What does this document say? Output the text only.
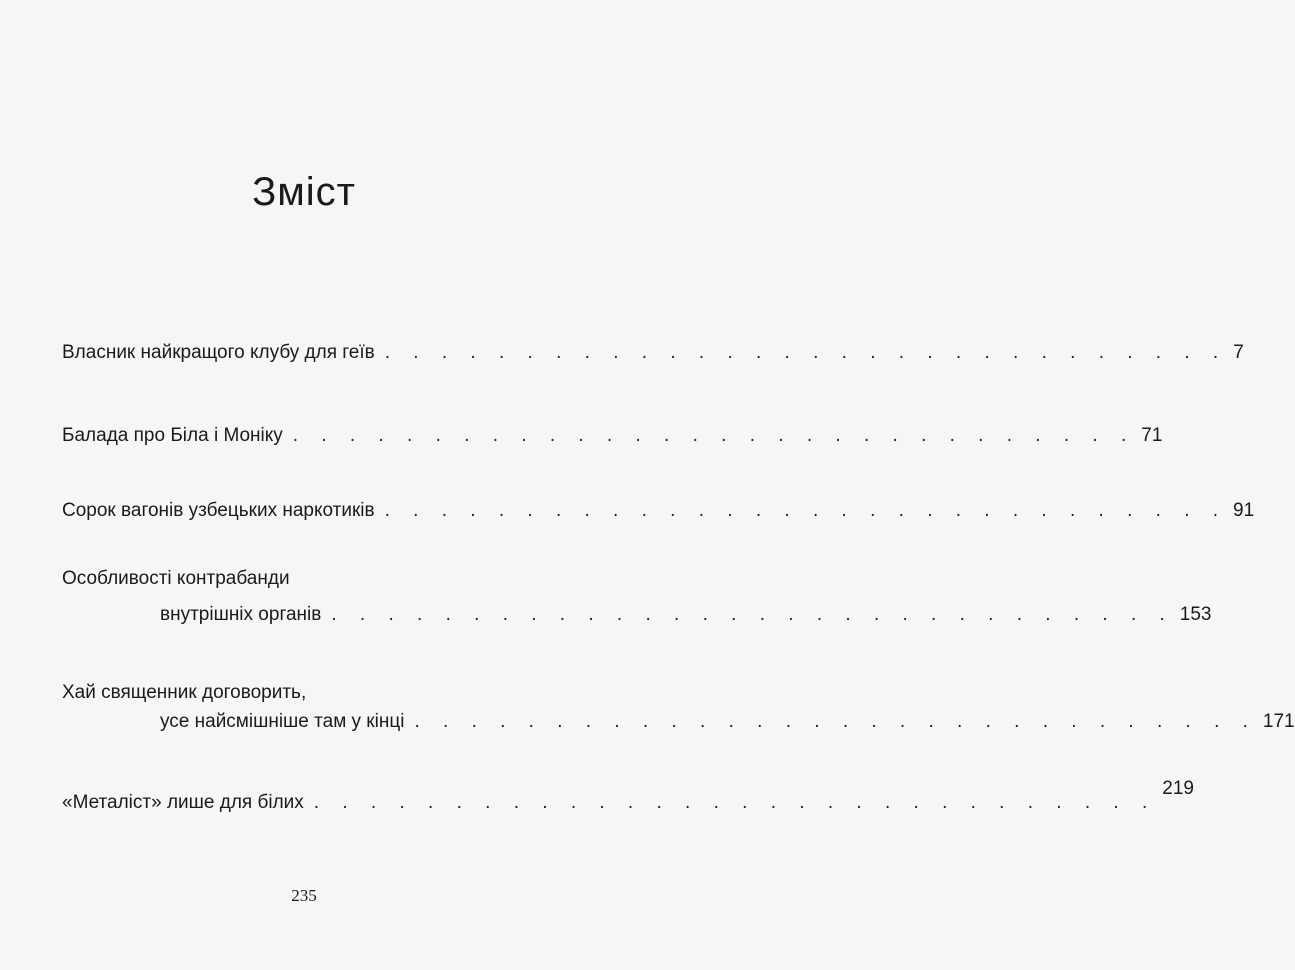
Зміст
Власник найкращого клубу для геїв . . . . . . . . . . . . . . . . . . . . . . . . . . . . . . 7
Балада про Біла і Моніку . . . . . . . . . . . . . . . . . . . . . . . . . . . . . . 71
Сорок вагонів узбецьких наркотиків . . . . . . . . . . . . . . . . . . . . . . . . . . . . . . 91
Особливості контрабанди
внутрішніх органів . . . . . . . . . . . . . . . . . . . . . . . . . . . . . . 153
Хай священник договорить,
усе найсмішніше там у кінці . . . . . . . . . . . . . . . . . . . . . . . . . . . . . . 171
«Металіст» лише для білих . . . . . . . . . . . . . . . . . . . . . . . . . . . . . .
219
235
